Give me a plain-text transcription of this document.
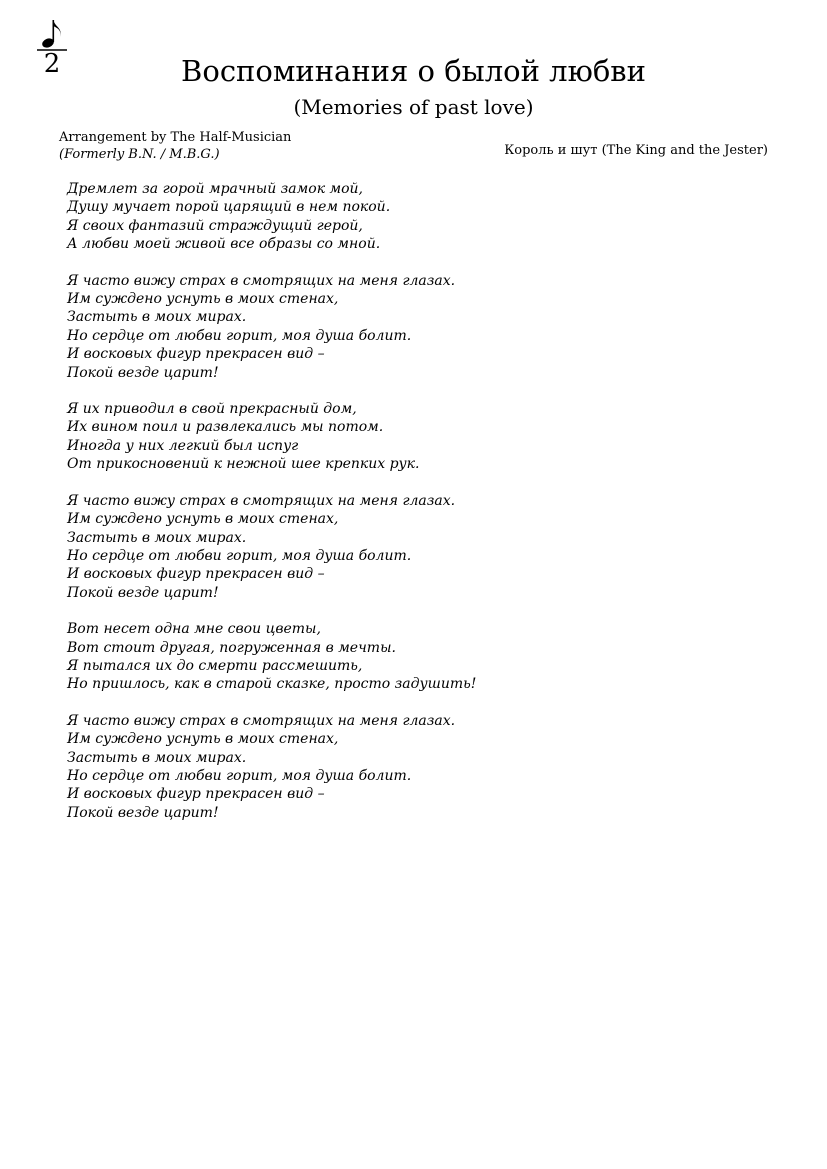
2	Воспоминания о былой любви
(Memories of past love)
Arrangement by The Half-Musician
(Formerly B.N. / M.B.G.)	Король и шут (The King and the Jester)
Дремлет за горой мрачный замок мой,
Душу мучает порой царящий в нем покой.
Я своих фантазий страждущий герой,
А любви моей живой все образы со мной.
Я часто вижу страх в смотрящих на меня глазах.
Им суждено уснуть в моих стенах,
Застыть в моих мирах.
Но сердце от любви горит, моя душа болит.
И восковых фигур прекрасен вид –
Покой везде царит!
Я их приводил в свой прекрасный дом,
Их вином поил и развлекались мы потом.
Иногда у них легкий был испуг
От прикосновений к нежной шее крепких рук.
Я часто вижу страх в смотрящих на меня глазах.
Им суждено уснуть в моих стенах,
Застыть в моих мирах.
Но сердце от любви горит, моя душа болит.
И восковых фигур прекрасен вид –
Покой везде царит!
Вот несет одна мне свои цветы,
Вот стоит другая, погруженная в мечты.
Я пытался их до смерти рассмешить,
Но пришлось, как в старой сказке, просто задушить!
Я часто вижу страх в смотрящих на меня глазах.
Им суждено уснуть в моих стенах,
Застыть в моих мирах.
Но сердце от любви горит, моя душа болит.
И восковых фигур прекрасен вид –
Покой везде царит!
